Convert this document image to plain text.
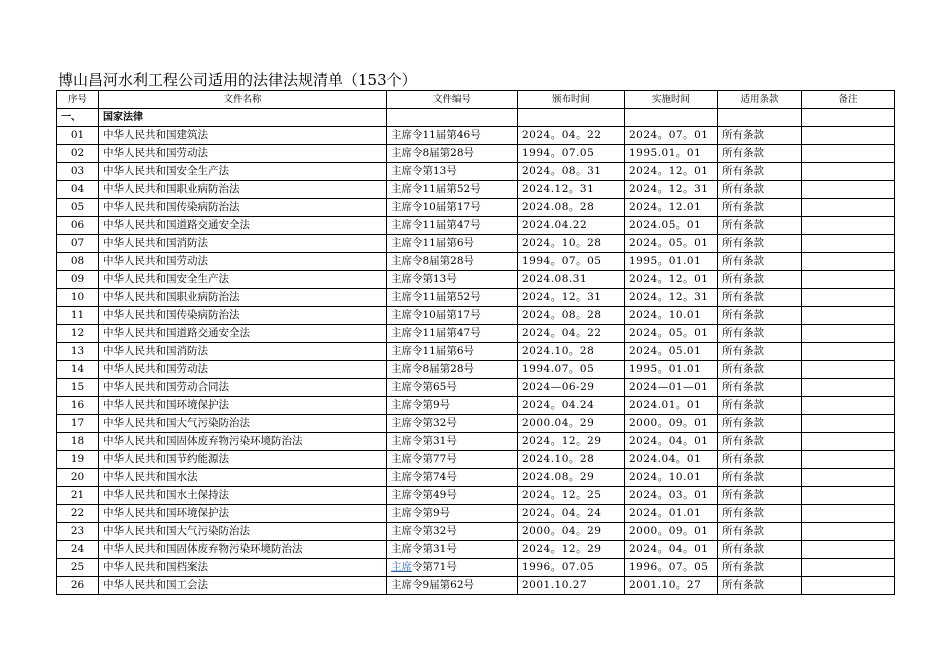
博山昌河水利工程公司适用的法律法规清单（153个）
序号	文件名称	文件编号	颁布时间	实施时间	适用条款	备注
一、	国家法律					
01	中华人民共和国建筑法	主席令11届第46号	2024。04。22	2024。07。01	所有条款	
02	中华人民共和国劳动法	主席令8届第28号	1994。07.05	1995.01。01	所有条款	
03	中华人民共和国安全生产法	主席令第13号	2024。08。31	2024。12。01	所有条款	
04	中华人民共和国职业病防治法	主席令11届第52号	2024.12。31	2024。12。31	所有条款	
05	中华人民共和国传染病防治法	主席令10届第17号	2024.08。28	2024。12.01	所有条款	
06	中华人民共和国道路交通安全法	主席令11届第47号	2024.04.22	2024.05。01	所有条款	
07	中华人民共和国消防法	主席令11届第6号	2024。10。28	2024。05。01	所有条款	
08	中华人民共和国劳动法	主席令8届第28号	1994。07。05	1995。01.01	所有条款	
09	中华人民共和国安全生产法	主席令第13号	2024.08.31	2024。12。01	所有条款	
10	中华人民共和国职业病防治法	主席令11届第52号	2024。12。31	2024。12。31	所有条款	
11	中华人民共和国传染病防治法	主席令10届第17号	2024。08。28	2024。10.01	所有条款	
12	中华人民共和国道路交通安全法	主席令11届第47号	2024。04。22	2024。05。01	所有条款	
13	中华人民共和国消防法	主席令11届第6号	2024.10。28	2024。05.01	所有条款	
14	中华人民共和国劳动法	主席令8届第28号	1994.07。05	1995。01.01	所有条款	
15	中华人民共和国劳动合同法	主席令第65号	2024—06-29	2024—01—01	所有条款	
16	中华人民共和国环境保护法	主席令第9号	2024。04.24	2024.01。01	所有条款	
17	中华人民共和国大气污染防治法	主席令第32号	2000.04。29	2000。09。01	所有条款	
18	中华人民共和国固体废弃物污染环境防治法	主席令第31号	2024。12。29	2024。04。01	所有条款	
19	中华人民共和国节约能源法	主席令第77号	2024.10。28	2024.04。01	所有条款	
20	中华人民共和国水法	主席令第74号	2024.08。29	2024。10.01	所有条款	
21	中华人民共和国水土保持法	主席令第49号	2024。12。25	2024。03。01	所有条款	
22	中华人民共和国环境保护法	主席令第9号	2024。04。24	2024。01.01	所有条款	
23	中华人民共和国大气污染防治法	主席令第32号	2000。04。29	2000。09。01	所有条款	
24	中华人民共和国固体废弃物污染环境防治法	主席令第31号	2024。12。29	2024。04。01	所有条款	
25	中华人民共和国档案法	主席令第71号	1996。07.05	1996。07。05	所有条款	
26	中华人民共和国工会法	主席令9届第62号	2001.10.27	2001.10。27	所有条款	
